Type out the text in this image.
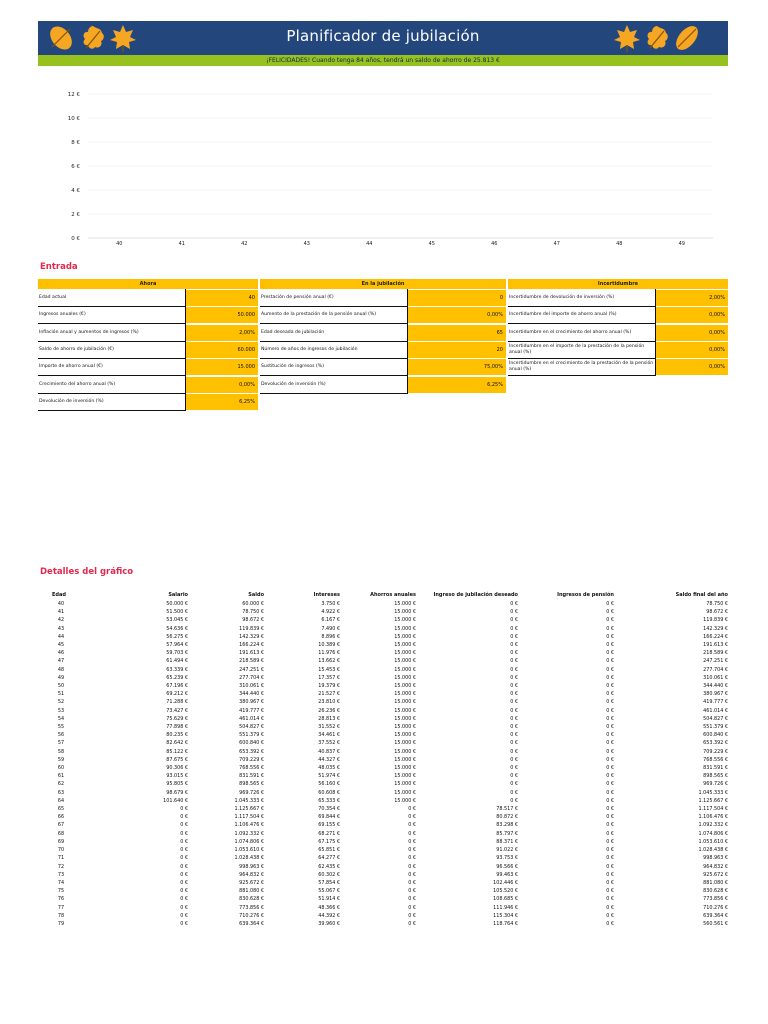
Planificador de jubilación
¡FELICIDADES! Cuando tenga 84 años, tendrá un saldo de ahorro de 25.813 €
0 €
2 €
4 €
6 €
8 €
10 €
12 €
40	41	42	43	44	45	46	47	48	49
Entrada
Ahora
Edad actual	40
Ingresos anuales (€)	50.000
Inflación anual y aumentos de ingresos (%)	2,00%
Saldo de ahorro de jubilación (€)	60.000
Importe de ahorro anual (€)	15.000
Crecimiento del ahorro anual (%)	0,00%
Devolución de inversión (%)	6,25%
En la jubilación
Prestación de pensión anual (€)	0
Aumento de la prestación de la pensión anual (%)	0,00%
Edad deseada de jubilación	65
Número de años de ingresos de jubilación	20
Sustitución de ingresos (%)	75,00%
Devolución de inversión (%)	6,25%
Incertidumbre
Incertidumbre de devolución de inversión (%)	2,00%
Incertidumbre del importe de ahorro anual (%)	0,00%
Incertidumbre en el crecimiento del ahorro anual (%)	0,00%
Incertidumbre en el importe de la prestación de la pensión anual (%)	0,00%
Incertidumbre en el crecimiento de la prestación de la pensión anual (%)	0,00%
Detalles del gráfico
Edad	Salario	Saldo	Intereses	Ahorros anuales	Ingreso de jubilación deseado	Ingresos de pensión	Saldo final del año
40	50.000 €	60.000 €	3.750 €	15.000 €	0 €	0 €	78.750 €
41	51.500 €	78.750 €	4.922 €	15.000 €	0 €	0 €	98.672 €
42	53.045 €	98.672 €	6.167 €	15.000 €	0 €	0 €	119.839 €
43	54.636 €	119.839 €	7.490 €	15.000 €	0 €	0 €	142.329 €
44	56.275 €	142.329 €	8.896 €	15.000 €	0 €	0 €	166.224 €
45	57.964 €	166.224 €	10.389 €	15.000 €	0 €	0 €	191.613 €
46	59.703 €	191.613 €	11.976 €	15.000 €	0 €	0 €	218.589 €
47	61.494 €	218.589 €	13.662 €	15.000 €	0 €	0 €	247.251 €
48	63.339 €	247.251 €	15.453 €	15.000 €	0 €	0 €	277.704 €
49	65.239 €	277.704 €	17.357 €	15.000 €	0 €	0 €	310.061 €
50	67.196 €	310.061 €	19.379 €	15.000 €	0 €	0 €	344.440 €
51	69.212 €	344.440 €	21.527 €	15.000 €	0 €	0 €	380.967 €
52	71.288 €	380.967 €	23.810 €	15.000 €	0 €	0 €	419.777 €
53	73.427 €	419.777 €	26.236 €	15.000 €	0 €	0 €	461.014 €
54	75.629 €	461.014 €	28.813 €	15.000 €	0 €	0 €	504.827 €
55	77.898 €	504.827 €	31.552 €	15.000 €	0 €	0 €	551.379 €
56	80.235 €	551.379 €	34.461 €	15.000 €	0 €	0 €	600.840 €
57	82.642 €	600.840 €	37.552 €	15.000 €	0 €	0 €	653.392 €
58	85.122 €	653.392 €	40.837 €	15.000 €	0 €	0 €	709.229 €
59	87.675 €	709.229 €	44.327 €	15.000 €	0 €	0 €	768.556 €
60	90.306 €	768.556 €	48.035 €	15.000 €	0 €	0 €	831.591 €
61	93.015 €	831.591 €	51.974 €	15.000 €	0 €	0 €	898.565 €
62	95.805 €	898.565 €	56.160 €	15.000 €	0 €	0 €	969.726 €
63	98.679 €	969.726 €	60.608 €	15.000 €	0 €	0 €	1.045.333 €
64	101.640 €	1.045.333 €	65.333 €	15.000 €	0 €	0 €	1.125.667 €
65	0 €	1.125.667 €	70.354 €	0 €	78.517 €	0 €	1.117.504 €
66	0 €	1.117.504 €	69.844 €	0 €	80.872 €	0 €	1.106.476 €
67	0 €	1.106.476 €	69.155 €	0 €	83.298 €	0 €	1.092.332 €
68	0 €	1.092.332 €	68.271 €	0 €	85.797 €	0 €	1.074.806 €
69	0 €	1.074.806 €	67.175 €	0 €	88.371 €	0 €	1.053.610 €
70	0 €	1.053.610 €	65.851 €	0 €	91.022 €	0 €	1.028.438 €
71	0 €	1.028.438 €	64.277 €	0 €	93.753 €	0 €	998.963 €
72	0 €	998.963 €	62.435 €	0 €	96.566 €	0 €	964.832 €
73	0 €	964.832 €	60.302 €	0 €	99.463 €	0 €	925.672 €
74	0 €	925.672 €	57.854 €	0 €	102.446 €	0 €	881.080 €
75	0 €	881.080 €	55.067 €	0 €	105.520 €	0 €	830.628 €
76	0 €	830.628 €	51.914 €	0 €	108.685 €	0 €	773.856 €
77	0 €	773.856 €	48.366 €	0 €	111.946 €	0 €	710.276 €
78	0 €	710.276 €	44.392 €	0 €	115.304 €	0 €	639.364 €
79	0 €	639.364 €	39.960 €	0 €	118.764 €	0 €	560.561 €
